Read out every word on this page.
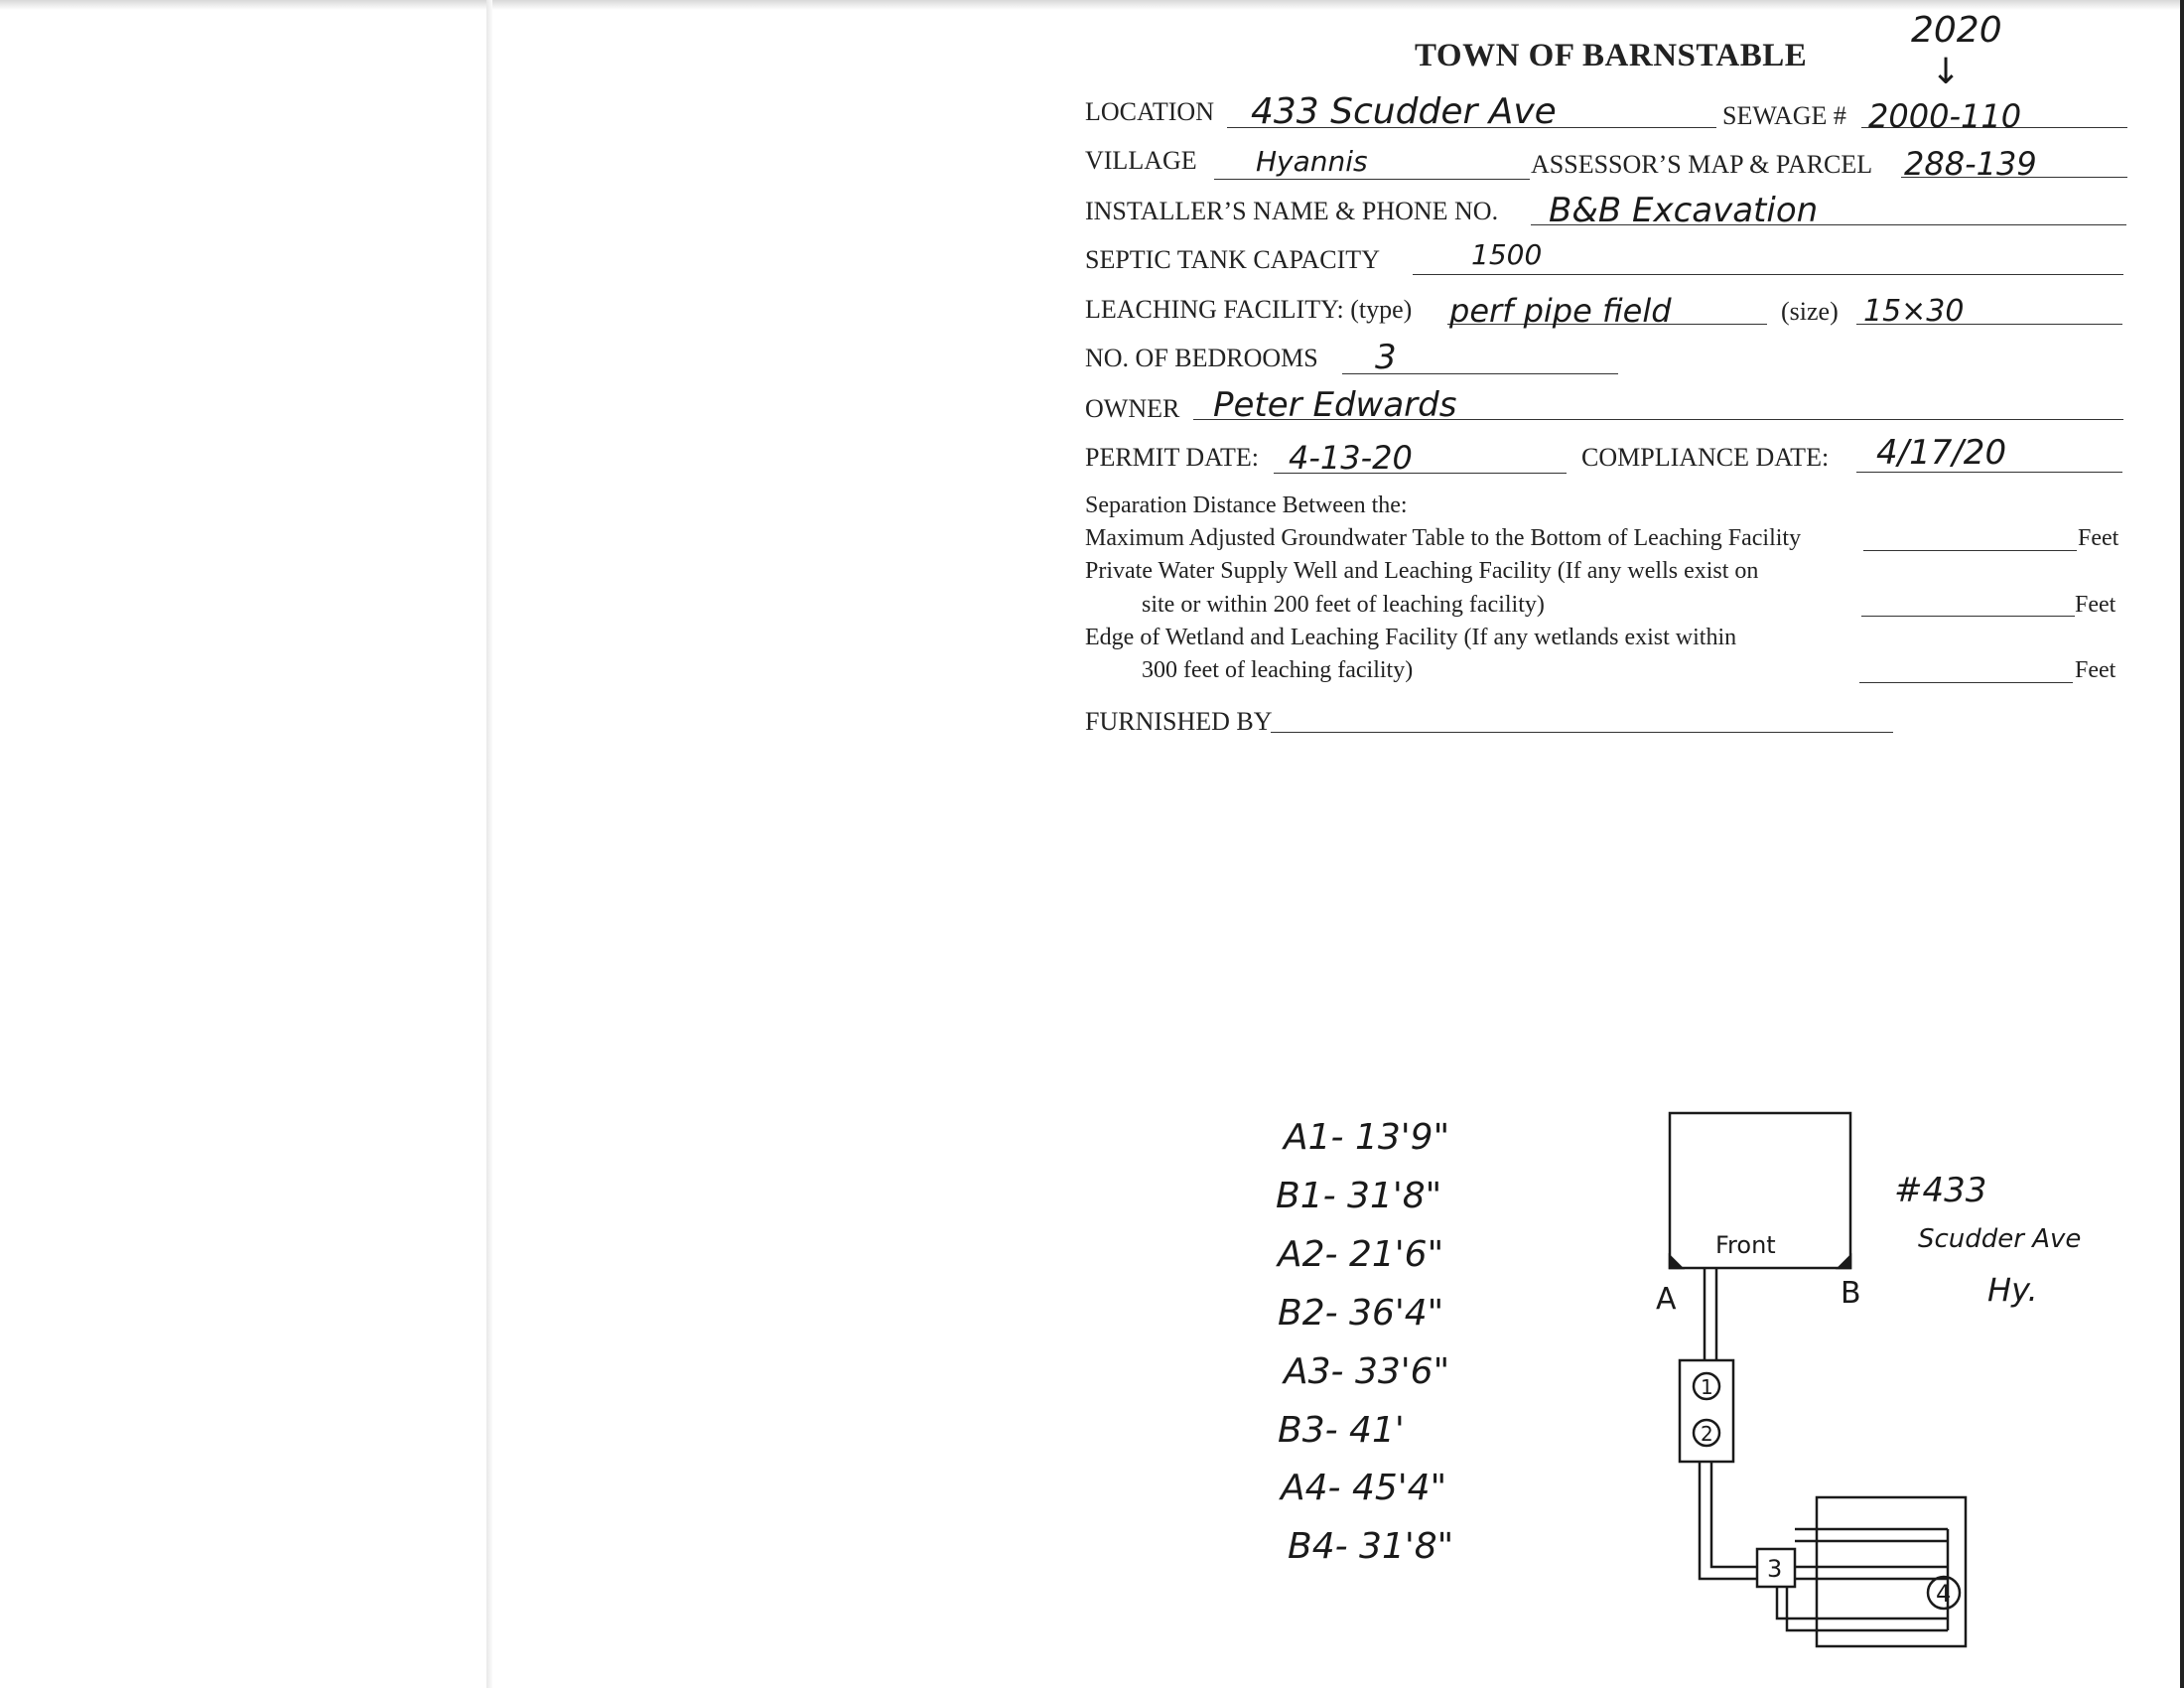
TOWN OF BARNSTABLE
2020
↓
LOCATION 433 Scudder Ave	SEWAGE # 2000-110
VILLAGE Hyannis	ASSESSOR’S MAP & PARCEL 288-139
INSTALLER’S NAME & PHONE NO. B&B Excavation
SEPTIC TANK CAPACITY	1500
LEACHING FACILITY: (type) perf pipe field	(size) 15×30
NO. OF BEDROOMS 3
OWNER Peter Edwards
PERMIT DATE: 4-13-20	COMPLIANCE DATE: 4/17/20
Separation Distance Between the:
Maximum Adjusted Groundwater Table to the Bottom of Leaching Facility	Feet
Private Water Supply Well and Leaching Facility (If any wells exist on
site or within 200 feet of leaching facility)	Feet
Edge of Wetland and Leaching Facility (If any wetlands exist within
300 feet of leaching facility)	Feet
FURNISHED BY
A1- 13'9"
B1- 31'8"
A2- 21'6"
B2- 36'4"
A3- 33'6"
B3- 41'
A4- 45'4"
B4- 31'8"
Front
A	B
1
2
3
4
#433
Scudder Ave
Hy.
